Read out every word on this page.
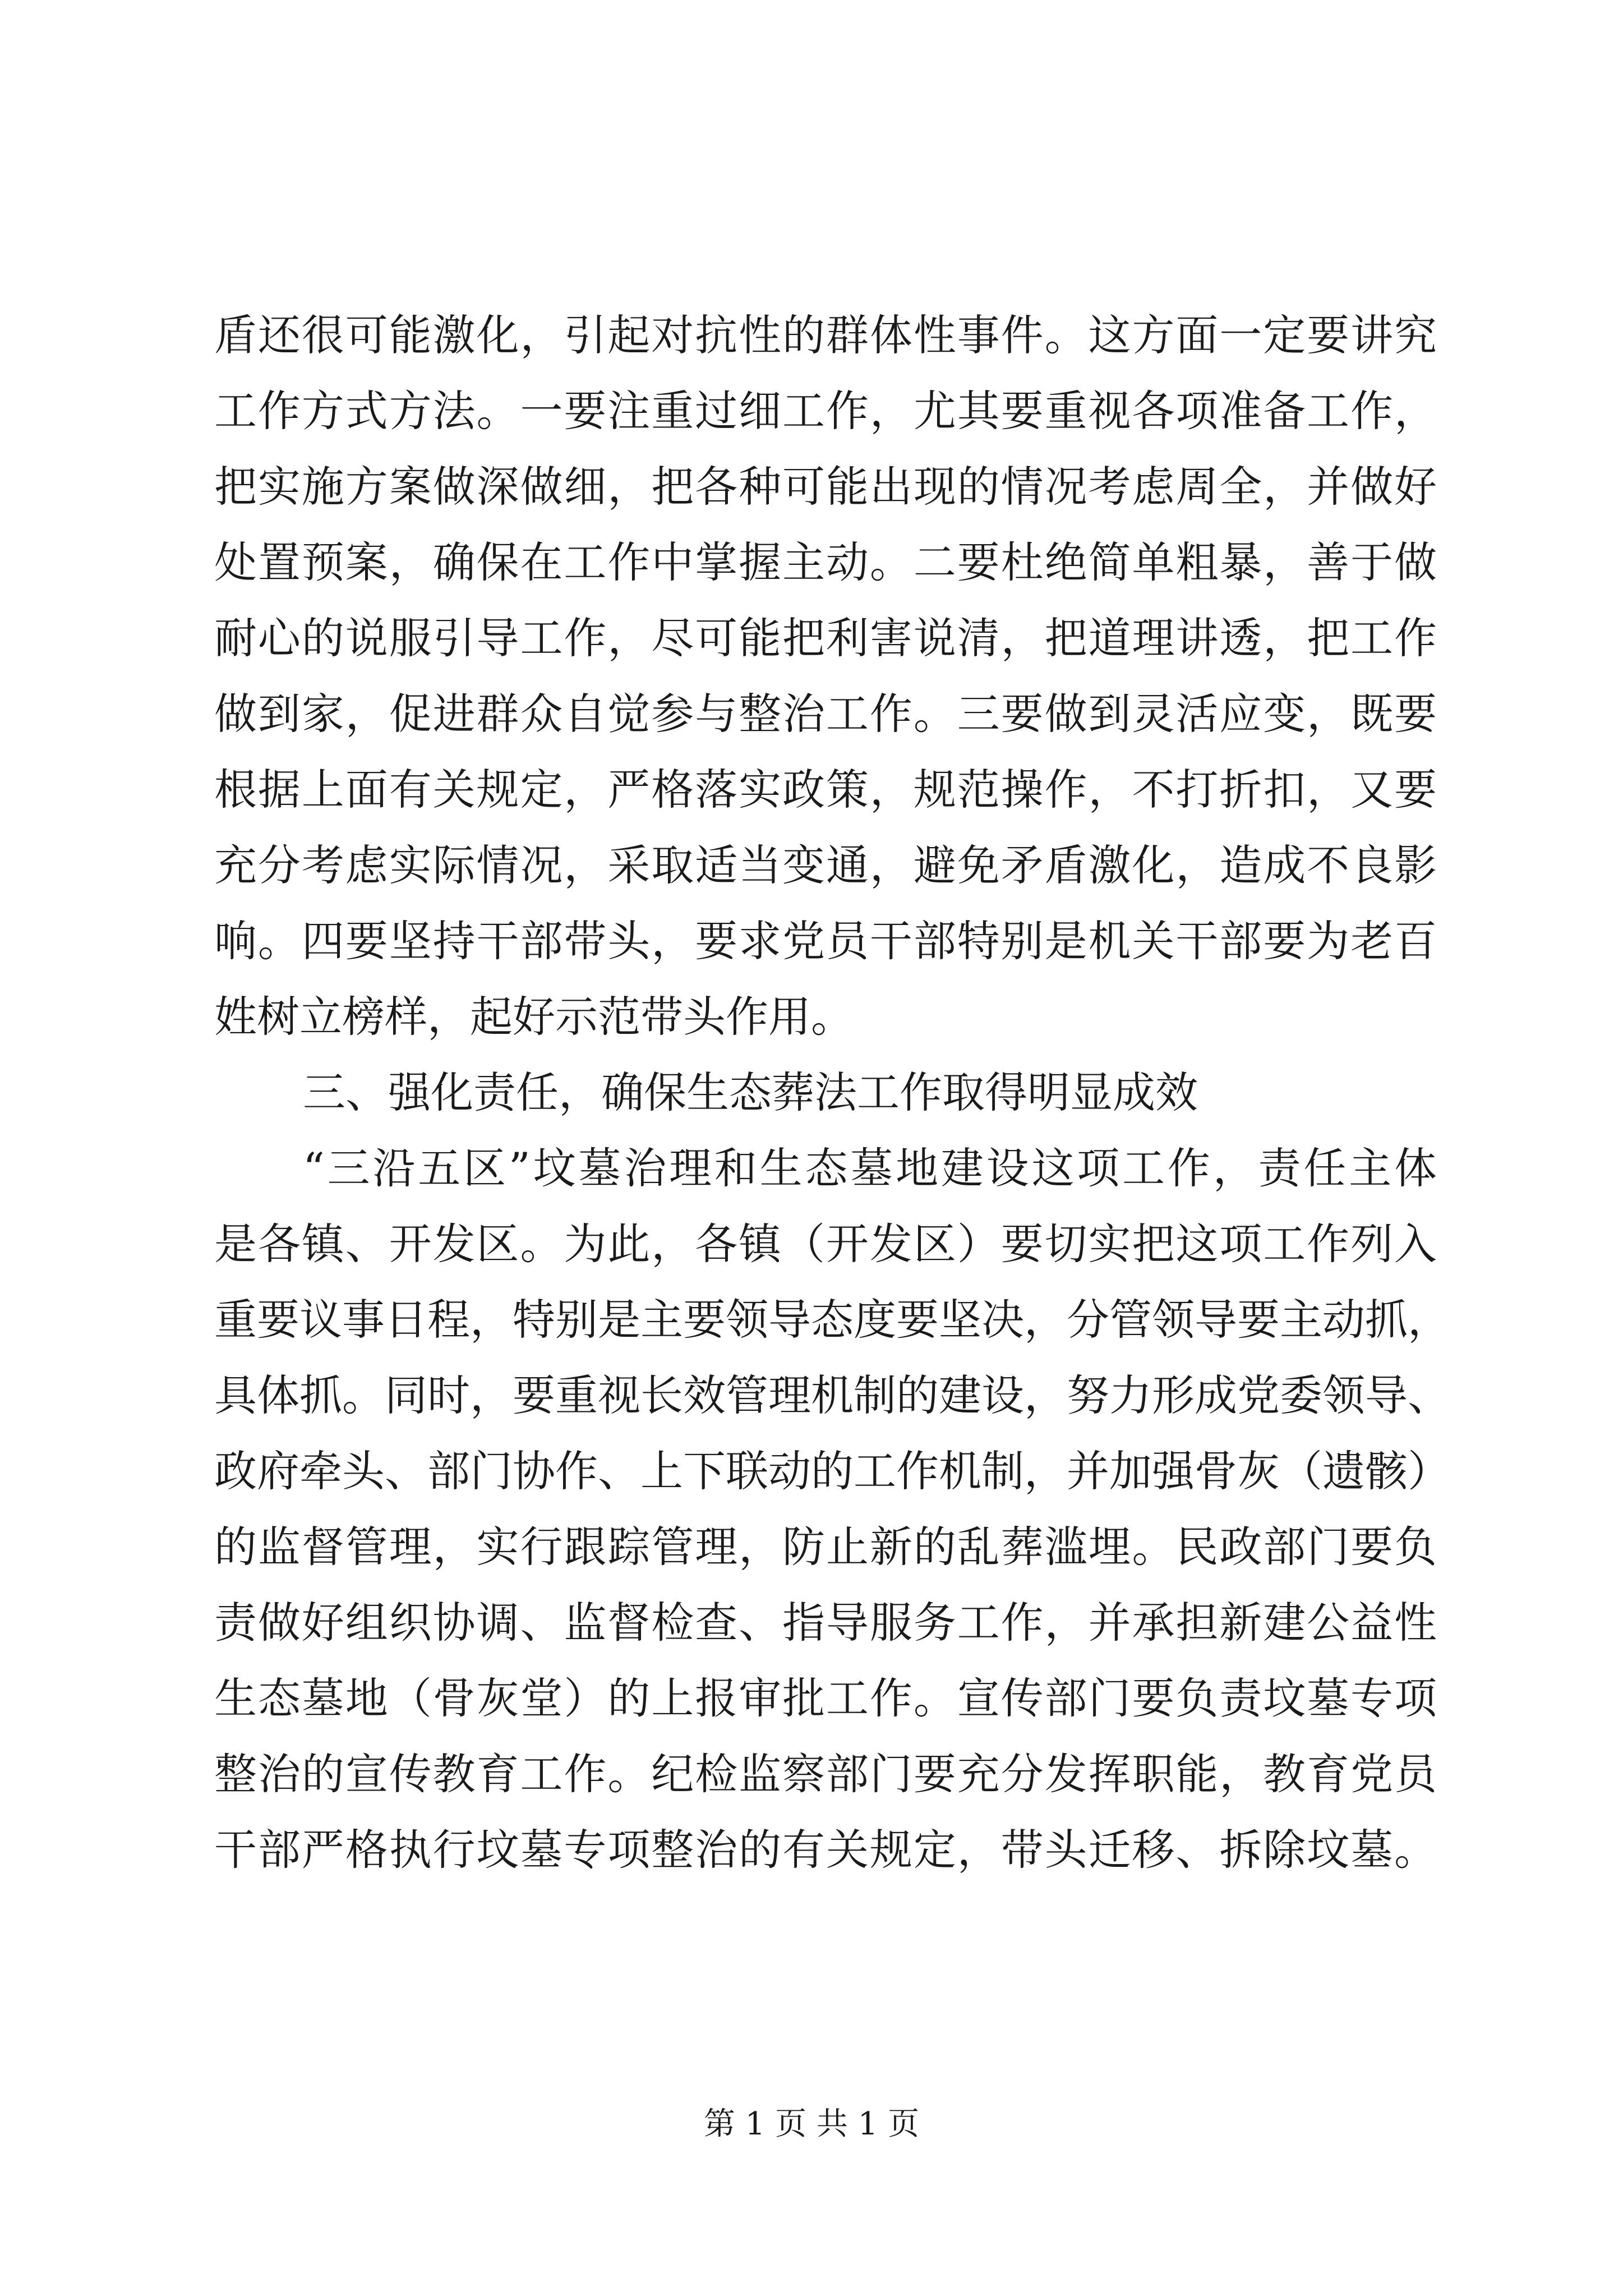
盾还很可能激化，引起对抗性的群体性事件。这方面一定要讲究
工作方式方法。一要注重过细工作，尤其要重视各项准备工作，
把实施方案做深做细，把各种可能出现的情况考虑周全，并做好
处置预案，确保在工作中掌握主动。二要杜绝简单粗暴，善于做
耐心的说服引导工作，尽可能把利害说清，把道理讲透，把工作
做到家，促进群众自觉参与整治工作。三要做到灵活应变，既要
根据上面有关规定，严格落实政策，规范操作，不打折扣，又要
充分考虑实际情况，采取适当变通，避免矛盾激化，造成不良影
响。四要坚持干部带头，要求党员干部特别是机关干部要为老百
姓树立榜样，起好示范带头作用。
三、强化责任，确保生态葬法工作取得明显成效
“三沿五区”坟墓治理和生态墓地建设这项工作，责任主体
是各镇、开发区。为此，各镇（开发区）要切实把这项工作列入
重要议事日程，特别是主要领导态度要坚决，分管领导要主动抓，
具体抓。同时，要重视长效管理机制的建设，努力形成党委领导、
政府牵头、部门协作、上下联动的工作机制，并加强骨灰（遗骸）
的监督管理，实行跟踪管理，防止新的乱葬滥埋。民政部门要负
责做好组织协调、监督检查、指导服务工作，并承担新建公益性
生态墓地（骨灰堂）的上报审批工作。宣传部门要负责坟墓专项
整治的宣传教育工作。纪检监察部门要充分发挥职能，教育党员
干部严格执行坟墓专项整治的有关规定，带头迁移、拆除坟墓。
第 1 页 共 1 页
